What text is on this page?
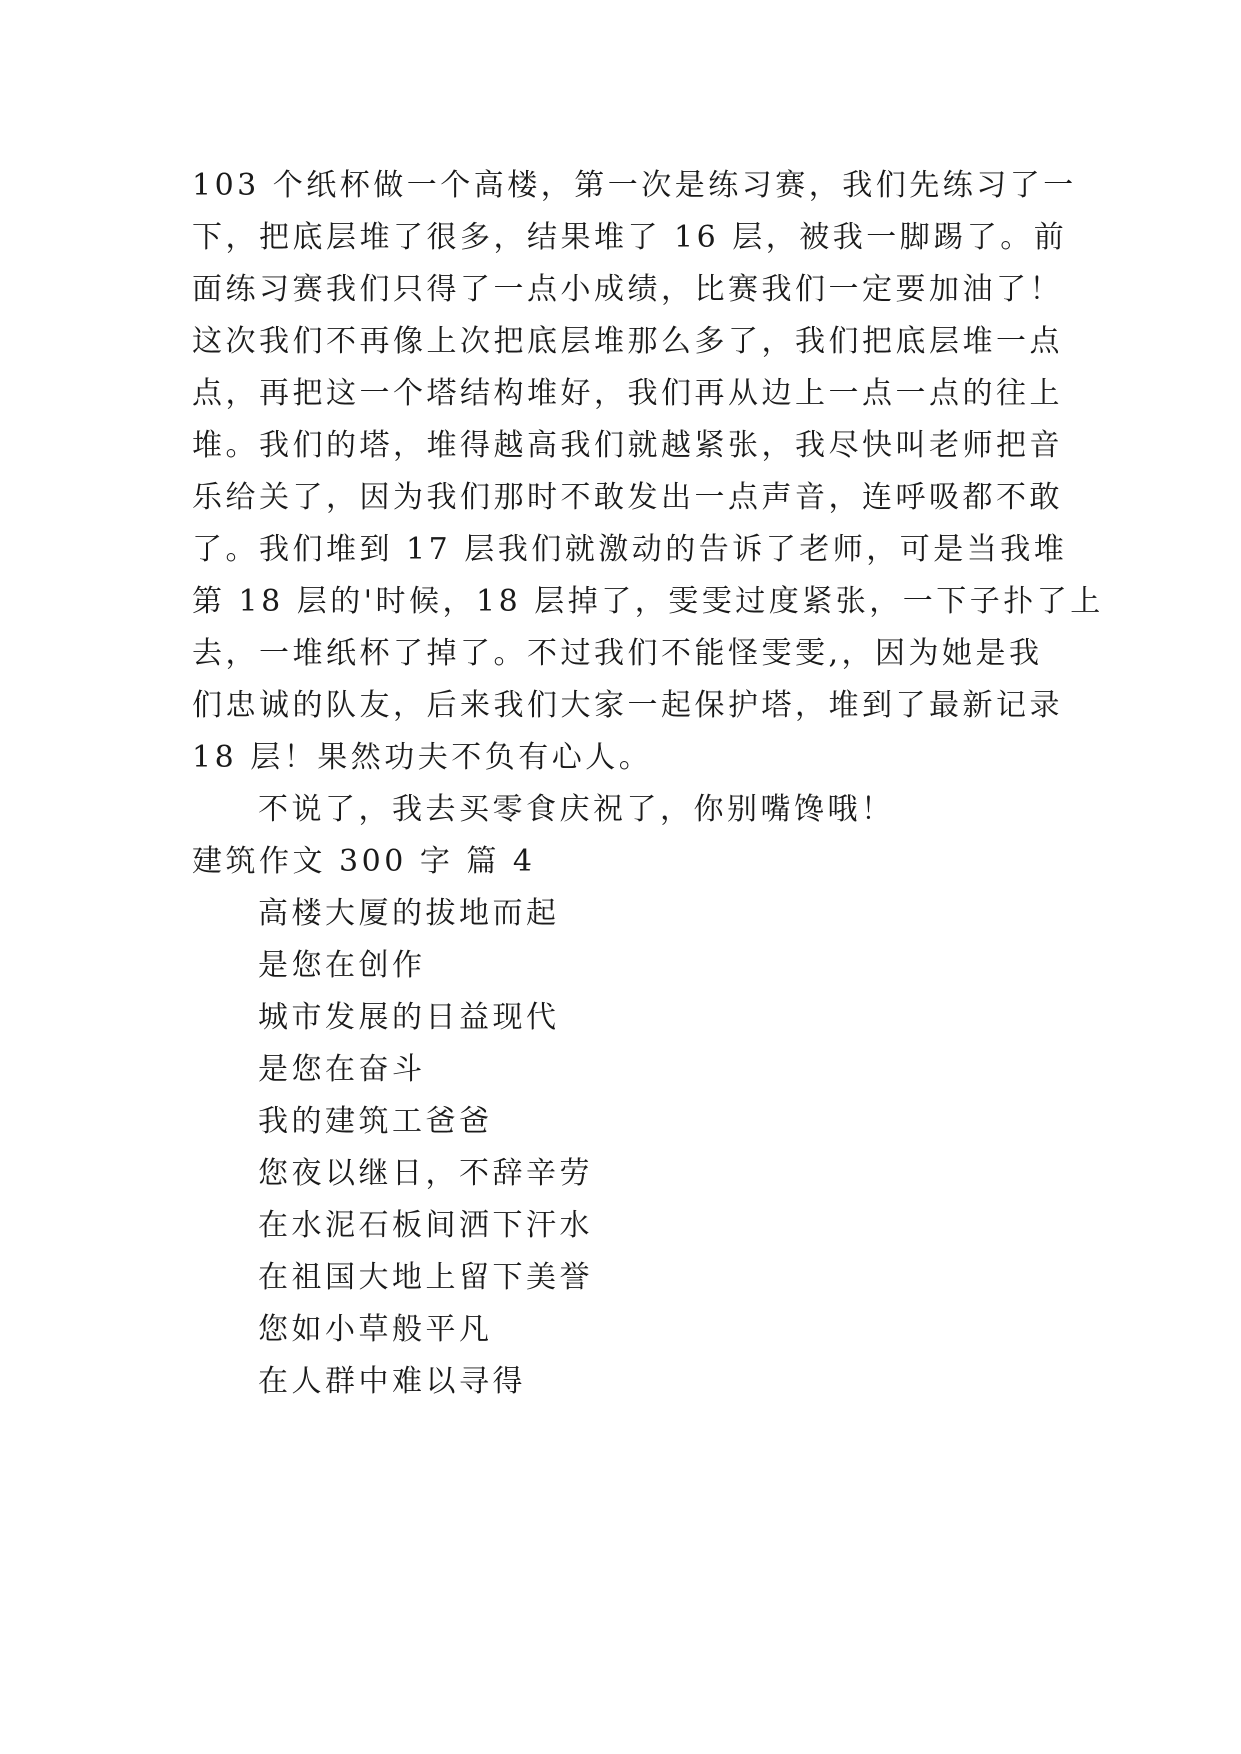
103 个纸杯做一个高楼，第一次是练习赛，我们先练习了一
下，把底层堆了很多，结果堆了 16 层，被我一脚踢了。前
面练习赛我们只得了一点小成绩，比赛我们一定要加油了！
这次我们不再像上次把底层堆那么多了，我们把底层堆一点
点，再把这一个塔结构堆好，我们再从边上一点一点的往上
堆。我们的塔，堆得越高我们就越紧张，我尽快叫老师把音
乐给关了，因为我们那时不敢发出一点声音，连呼吸都不敢
了。我们堆到 17 层我们就激动的告诉了老师，可是当我堆
第 18 层的'时候，18 层掉了，雯雯过度紧张，一下子扑了上
去，一堆纸杯了掉了。不过我们不能怪雯雯,，因为她是我
们忠诚的队友，后来我们大家一起保护塔，堆到了最新记录
18 层！果然功夫不负有心人。
不说了，我去买零食庆祝了，你别嘴馋哦！
建筑作文 300 字 篇 4
高楼大厦的拔地而起
是您在创作
城市发展的日益现代
是您在奋斗
我的建筑工爸爸
您夜以继日，不辞辛劳
在水泥石板间洒下汗水
在祖国大地上留下美誉
您如小草般平凡
在人群中难以寻得
